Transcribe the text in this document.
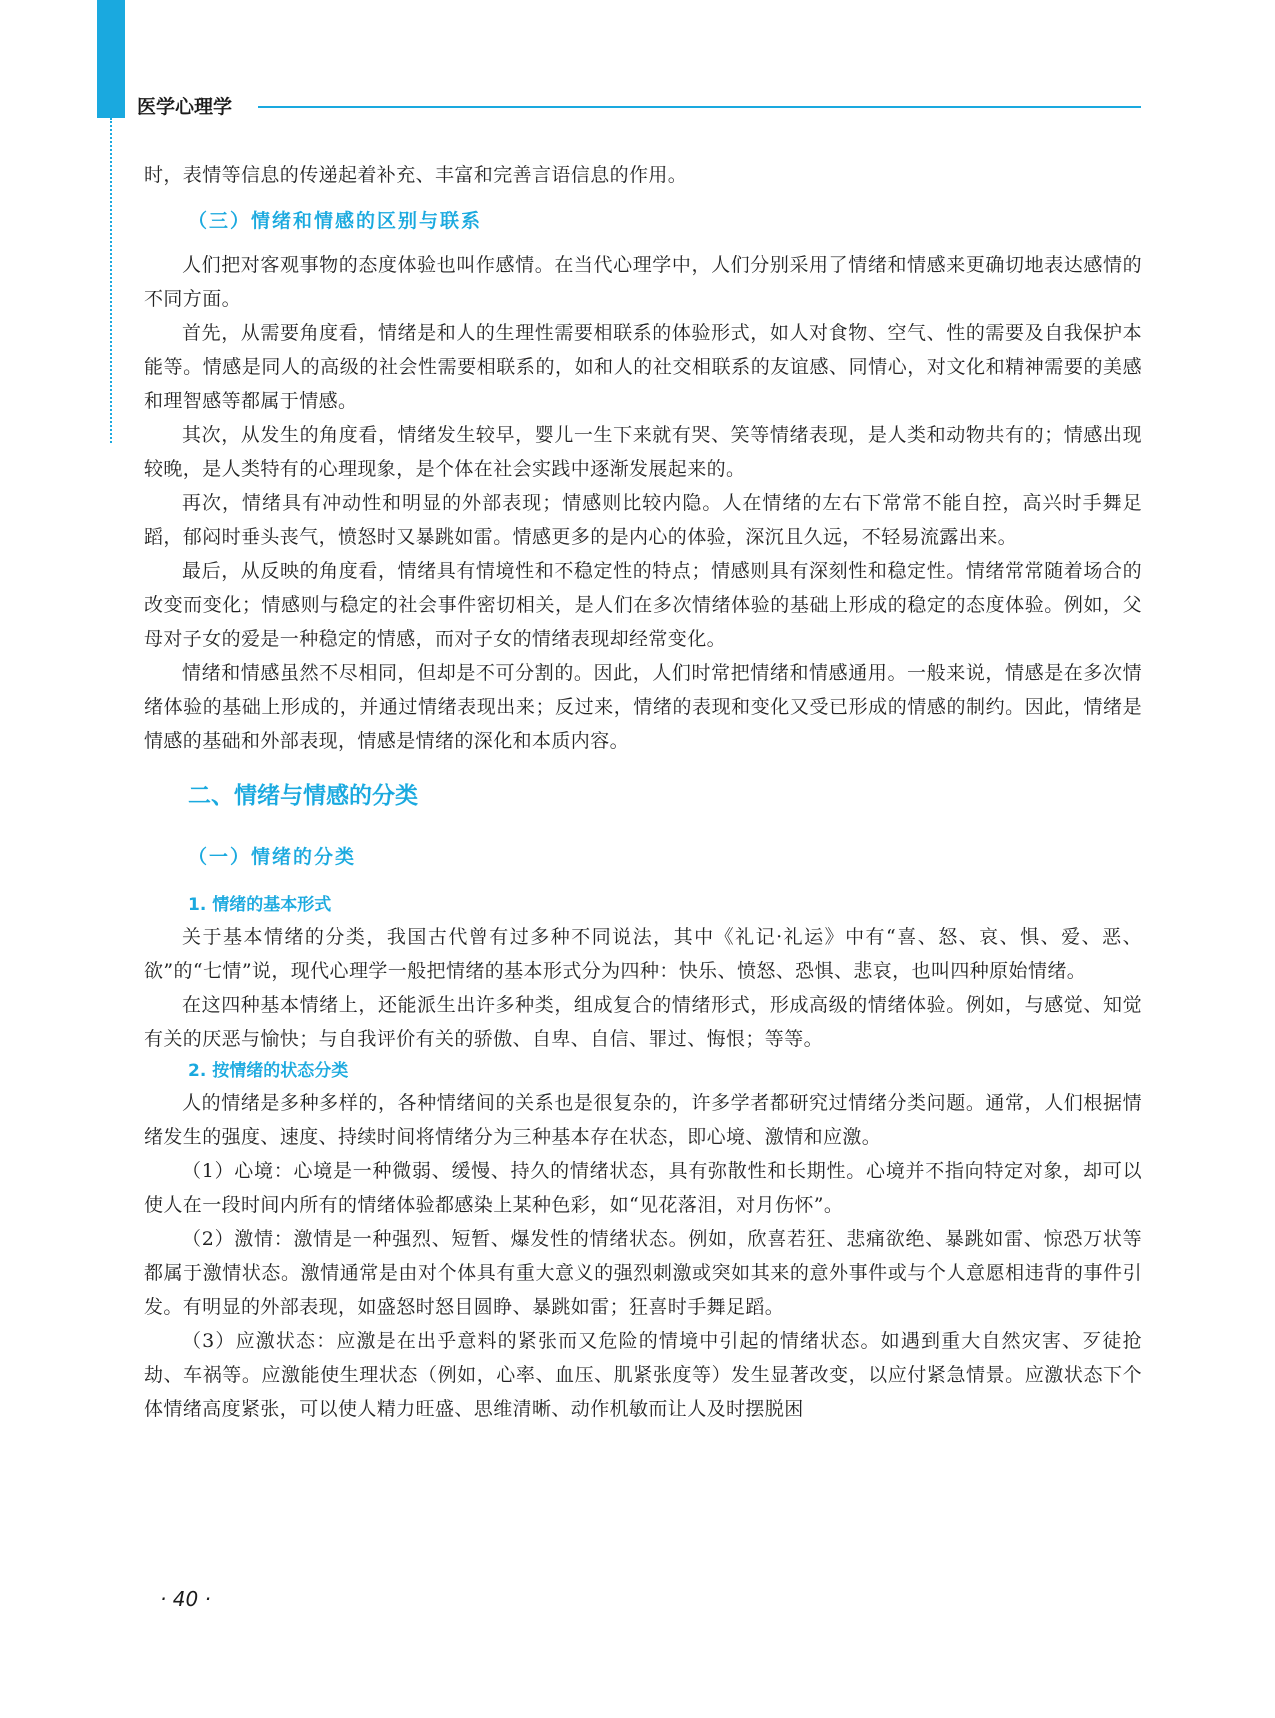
医学心理学

时，表情等信息的传递起着补充、丰富和完善言语信息的作用。

（三）情绪和情感的区别与联系

人们把对客观事物的态度体验也叫作感情。在当代心理学中，人们分别采用了情绪和情感来更确切地表达感情的不同方面。

首先，从需要角度看，情绪是和人的生理性需要相联系的体验形式，如人对食物、空气、性的需要及自我保护本能等。情感是同人的高级的社会性需要相联系的，如和人的社交相联系的友谊感、同情心，对文化和精神需要的美感和理智感等都属于情感。

其次，从发生的角度看，情绪发生较早，婴儿一生下来就有哭、笑等情绪表现，是人类和动物共有的；情感出现较晚，是人类特有的心理现象，是个体在社会实践中逐渐发展起来的。

再次，情绪具有冲动性和明显的外部表现；情感则比较内隐。人在情绪的左右下常常不能自控，高兴时手舞足蹈，郁闷时垂头丧气，愤怒时又暴跳如雷。情感更多的是内心的体验，深沉且久远，不轻易流露出来。

最后，从反映的角度看，情绪具有情境性和不稳定性的特点；情感则具有深刻性和稳定性。情绪常常随着场合的改变而变化；情感则与稳定的社会事件密切相关，是人们在多次情绪体验的基础上形成的稳定的态度体验。例如，父母对子女的爱是一种稳定的情感，而对子女的情绪表现却经常变化。

情绪和情感虽然不尽相同，但却是不可分割的。因此，人们时常把情绪和情感通用。一般来说，情感是在多次情绪体验的基础上形成的，并通过情绪表现出来；反过来，情绪的表现和变化又受已形成的情感的制约。因此，情绪是情感的基础和外部表现，情感是情绪的深化和本质内容。

二、情绪与情感的分类
（一）情绪的分类
1. 情绪的基本形式

关于基本情绪的分类，我国古代曾有过多种不同说法，其中《礼记·礼运》中有“喜、怒、哀、惧、爱、恶、欲”的“七情”说，现代心理学一般把情绪的基本形式分为四种：快乐、愤怒、恐惧、悲哀，也叫四种原始情绪。

在这四种基本情绪上，还能派生出许多种类，组成复合的情绪形式，形成高级的情绪体验。例如，与感觉、知觉有关的厌恶与愉快；与自我评价有关的骄傲、自卑、自信、罪过、悔恨；等等。

2. 按情绪的状态分类

人的情绪是多种多样的，各种情绪间的关系也是很复杂的，许多学者都研究过情绪分类问题。通常，人们根据情绪发生的强度、速度、持续时间将情绪分为三种基本存在状态，即心境、激情和应激。

（1）心境：心境是一种微弱、缓慢、持久的情绪状态，具有弥散性和长期性。心境并不指向特定对象，却可以使人在一段时间内所有的情绪体验都感染上某种色彩，如“见花落泪，对月伤怀”。

（2）激情：激情是一种强烈、短暂、爆发性的情绪状态。例如，欣喜若狂、悲痛欲绝、暴跳如雷、惊恐万状等都属于激情状态。激情通常是由对个体具有重大意义的强烈刺激或突如其来的意外事件或与个人意愿相违背的事件引发。有明显的外部表现，如盛怒时怒目圆睁、暴跳如雷；狂喜时手舞足蹈。

（3）应激状态：应激是在出乎意料的紧张而又危险的情境中引起的情绪状态。如遇到重大自然灾害、歹徒抢劫、车祸等。应激能使生理状态（例如，心率、血压、肌紧张度等）发生显著改变，以应付紧急情景。应激状态下个体情绪高度紧张，可以使人精力旺盛、思维清晰、动作机敏而让人及时摆脱困

· 40 ·
